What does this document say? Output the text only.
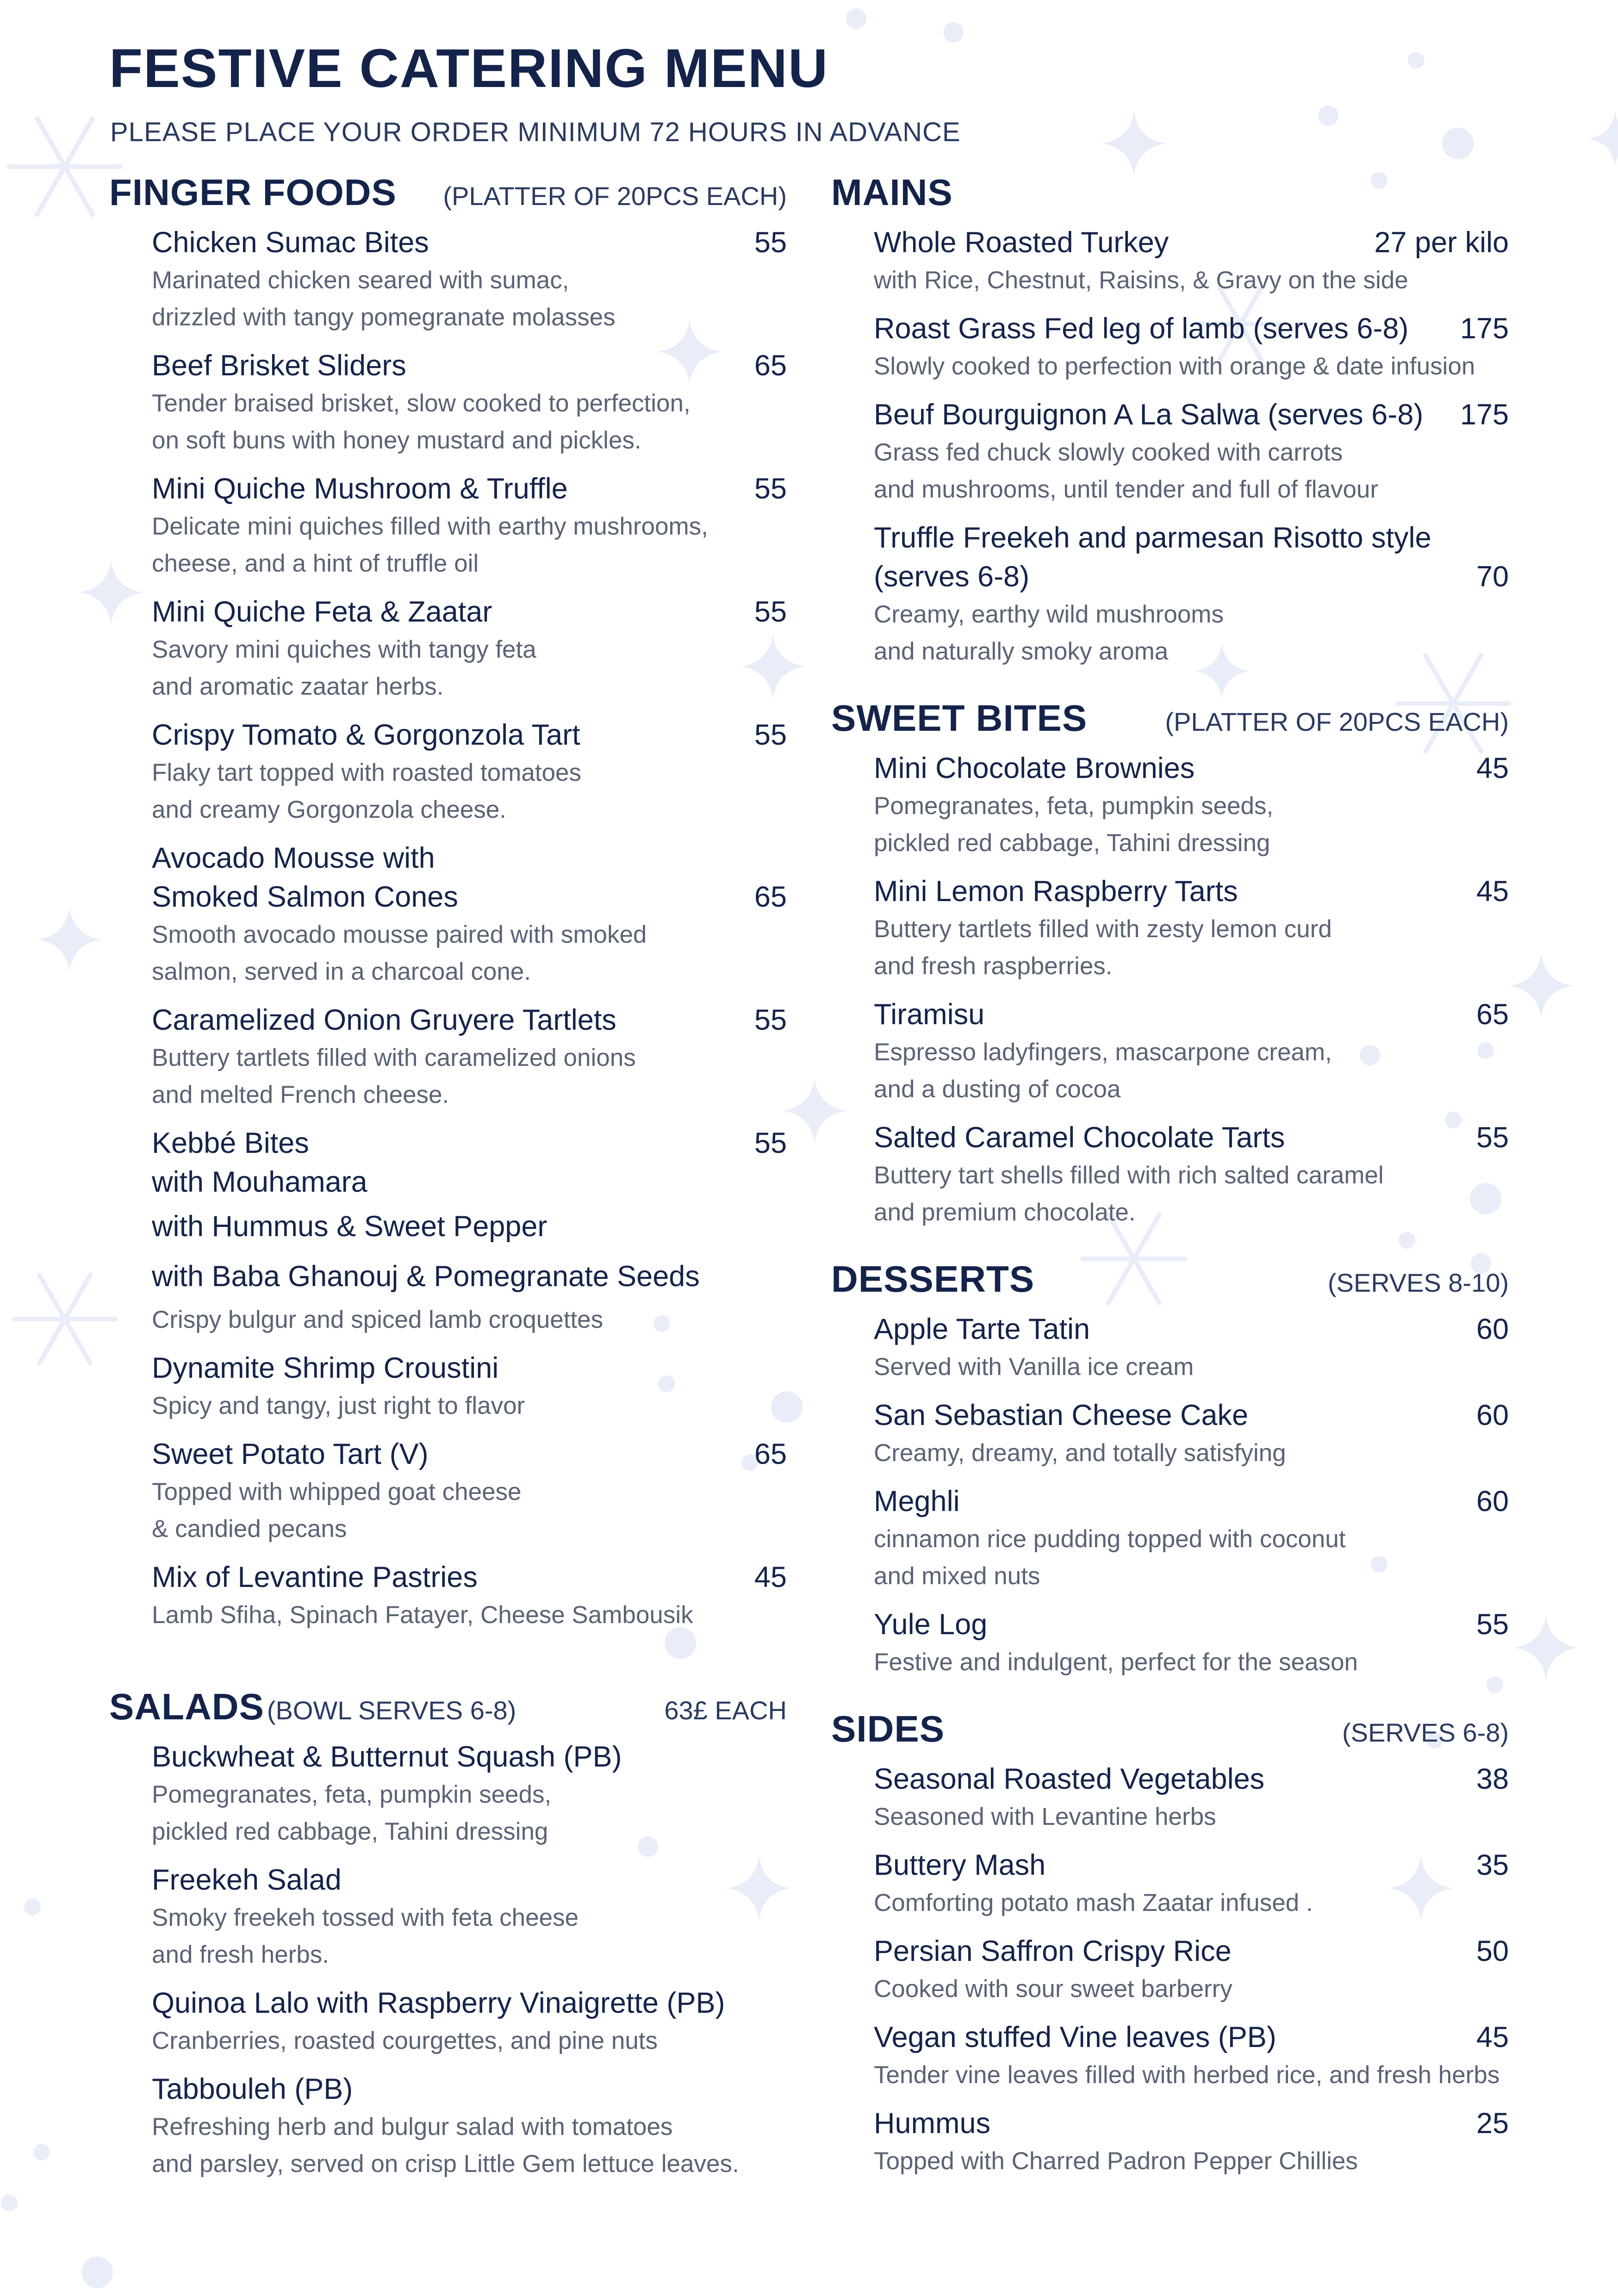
FESTIVE CATERING MENU
PLEASE PLACE YOUR ORDER MINIMUM 72 HOURS IN ADVANCE
FINGER FOODS (PLATTER OF 20PCS EACH)
Chicken Sumac Bites	55
Marinated chicken seared with sumac,
drizzled with tangy pomegranate molasses
Beef Brisket Sliders	65
Tender braised brisket, slow cooked to perfection,
on soft buns with honey mustard and pickles.
Mini Quiche Mushroom & Truffle	55
Delicate mini quiches filled with earthy mushrooms,
cheese, and a hint of truffle oil
Mini Quiche Feta & Zaatar	55
Savory mini quiches with tangy feta
and aromatic zaatar herbs.
Crispy Tomato & Gorgonzola Tart	55
Flaky tart topped with roasted tomatoes
and creamy Gorgonzola cheese.
Avocado Mousse with
Smoked Salmon Cones	65
Smooth avocado mousse paired with smoked
salmon, served in a charcoal cone.
Caramelized Onion Gruyere Tartlets	55
Buttery tartlets filled with caramelized onions
and melted French cheese.
Kebbé Bites	55
with Mouhamara
with Hummus & Sweet Pepper
with Baba Ghanouj & Pomegranate Seeds
Crispy bulgur and spiced lamb croquettes
Dynamite Shrimp Croustini
Spicy and tangy, just right to flavor
Sweet Potato Tart (V)	65
Topped with whipped goat cheese
& candied pecans
Mix of Levantine Pastries	45
Lamb Sfiha, Spinach Fatayer, Cheese Sambousik
SALADS (BOWL SERVES 6-8)	63£ EACH
Buckwheat & Butternut Squash (PB)
Pomegranates, feta, pumpkin seeds,
pickled red cabbage, Tahini dressing
Freekeh Salad
Smoky freekeh tossed with feta cheese
and fresh herbs.
Quinoa Lalo with Raspberry Vinaigrette (PB)
Cranberries, roasted courgettes, and pine nuts
Tabbouleh (PB)
Refreshing herb and bulgur salad with tomatoes
and parsley, served on crisp Little Gem lettuce leaves.
MAINS
Whole Roasted Turkey	27 per kilo
with Rice, Chestnut, Raisins, & Gravy on the side
Roast Grass Fed leg of lamb (serves 6-8) 175
Slowly cooked to perfection with orange & date infusion
Beuf Bourguignon A La Salwa (serves 6-8) 175
Grass fed chuck slowly cooked with carrots
and mushrooms, until tender and full of flavour
Truffle Freekeh and parmesan Risotto style
(serves 6-8)	70
Creamy, earthy wild mushrooms
and naturally smoky aroma
SWEET BITES	(PLATTER OF 20PCS EACH)
Mini Chocolate Brownies	45
Pomegranates, feta, pumpkin seeds,
pickled red cabbage, Tahini dressing
Mini Lemon Raspberry Tarts	45
Buttery tartlets filled with zesty lemon curd
and fresh raspberries.
Tiramisu	65
Espresso ladyfingers, mascarpone cream,
and a dusting of cocoa
Salted Caramel Chocolate Tarts	55
Buttery tart shells filled with rich salted caramel
and premium chocolate.
DESSERTS	(SERVES 8-10)
Apple Tarte Tatin	60
Served with Vanilla ice cream
San Sebastian Cheese Cake	60
Creamy, dreamy, and totally satisfying
Meghli	60
cinnamon rice pudding topped with coconut
and mixed nuts
Yule Log	55
Festive and indulgent, perfect for the season
SIDES	(SERVES 6-8)
Seasonal Roasted Vegetables	38
Seasoned with Levantine herbs
Buttery Mash	35
Comforting potato mash Zaatar infused .
Persian Saffron Crispy Rice	50
Cooked with sour sweet barberry
Vegan stuffed Vine leaves (PB)	45
Tender vine leaves filled with herbed rice, and fresh herbs
Hummus	25
Topped with Charred Padron Pepper Chillies
